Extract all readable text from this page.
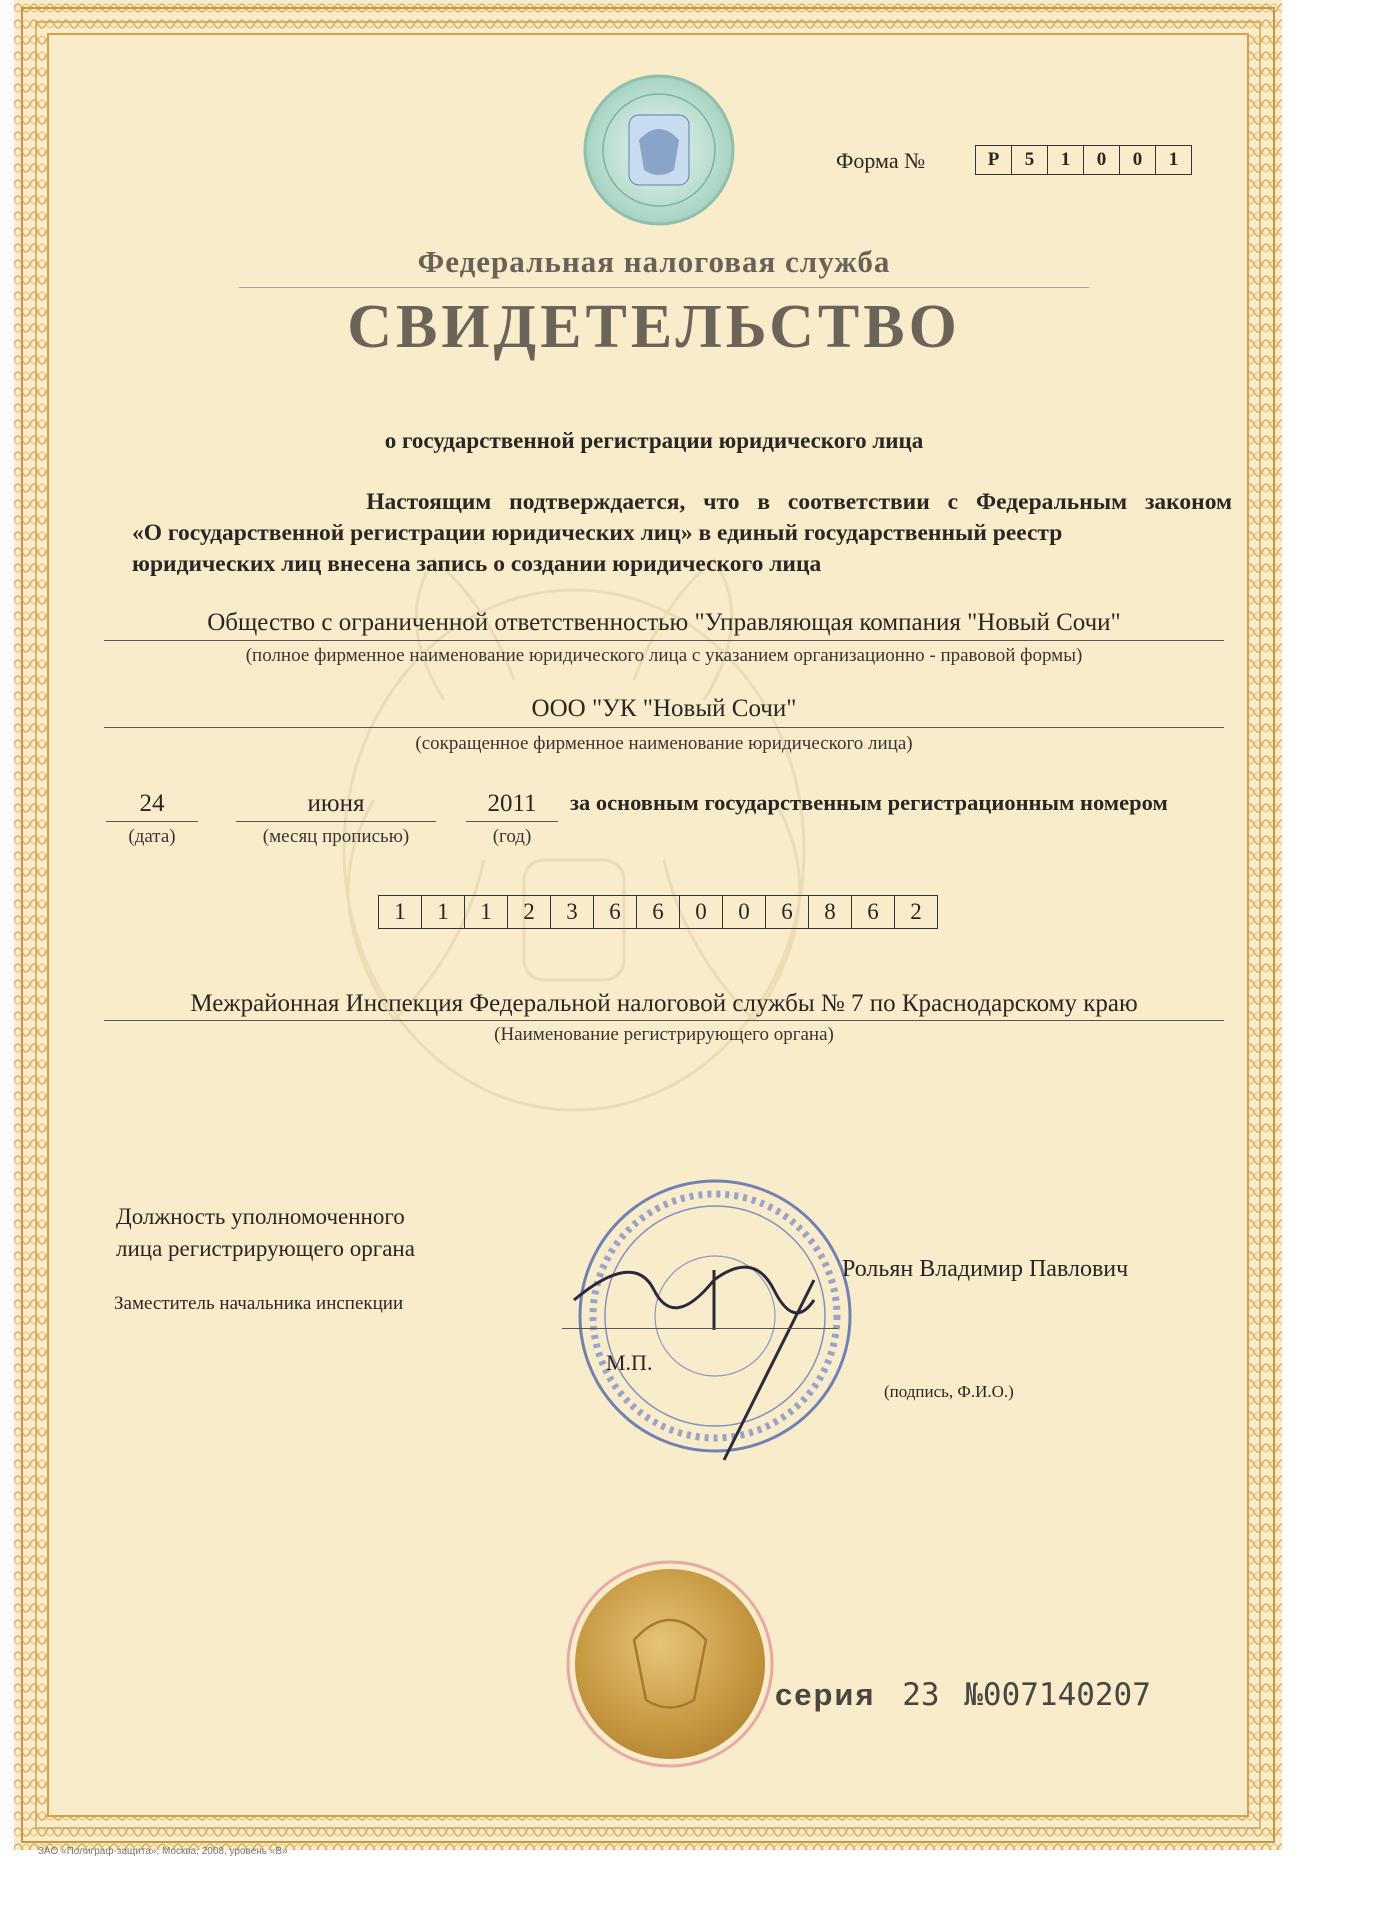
Форма №	Р	5	1	0	0	1
Федеральная налоговая служба
СВИДЕТЕЛЬСТВО
о государственной регистрации юридического лица
Настоящим подтверждается, что в соответствии с Федеральным законом
«О государственной регистрации юридических лиц» в единый государственный реестр
юридических лиц внесена запись о создании юридического лица
Общество с ограниченной ответственностью "Управляющая компания "Новый Сочи"
(полное фирменное наименование юридического лица с указанием организационно - правовой формы)
ООО "УК "Новый Сочи"
(сокращенное фирменное наименование юридического лица)
24
(дата)
июня
(месяц прописью)
2011
(год)
за основным государственным регистрационным номером
1	1	1	2	3	6	6	0	0	6	8	6	2
Межрайонная Инспекция Федеральной налоговой службы № 7 по Краснодарскому краю
(Наименование регистрирующего органа)
Должность уполномоченного
лица регистрирующего органа
Заместитель начальника инспекции
Рольян Владимир Павлович
М.П.
(подпись, Ф.И.О.)
серия 23 №007140207
ЗАО «Полиграф-защита», Москва, 2008, уровень «В»
